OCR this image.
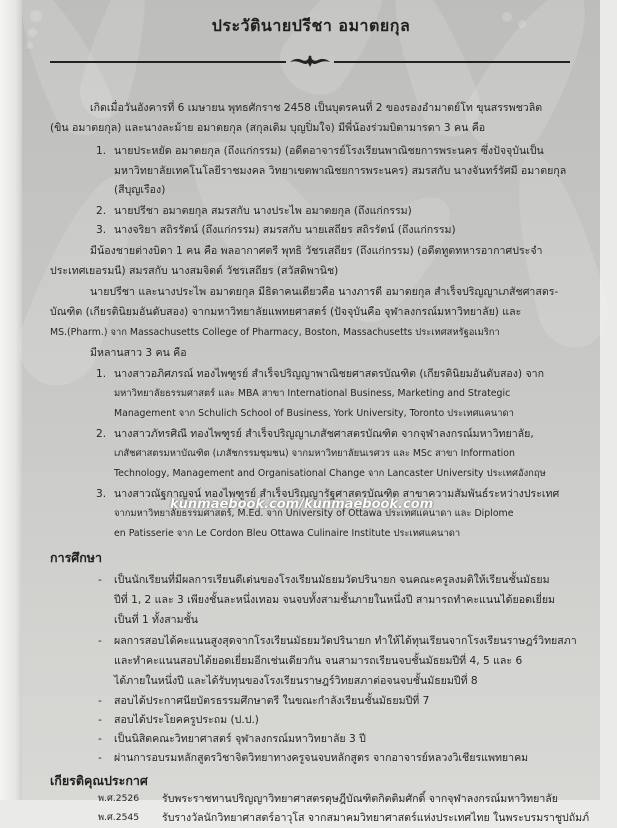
ประวัตินายปรีชา อมาตยกุล
เกิดเมื่อวันอังคารที่ 6 เมษายน พุทธศักราช 2458 เป็นบุตรคนที่ 2 ของรองอำมาตย์โท ขุนสรรพชวลิต
(ขิน อมาตยกุล) และนางละม้าย อมาตยกุล (สกุลเดิม บุญปิ่มใจ) มีพี่น้องร่วมบิดามารดา 3 คน คือ
1. นายประหยัด อมาตยกุล (ถึงแก่กรรม) (อดีตอาจารย์โรงเรียนพาณิชยการพระนคร ซึ่งปัจจุบันเป็น
มหาวิทยาลัยเทคโนโลยีราชมงคล วิทยาเขตพาณิชยการพระนคร) สมรสกับ นางจันทร์รัศมี อมาตยกุล
(สีบุญเรือง)
2. นายปรีชา อมาตยกุล สมรสกับ นางประไพ อมาตยกุล (ถึงแก่กรรม)
3. นางจริยา สถิรรัตน์ (ถึงแก่กรรม) สมรสกับ นายเสถียร สถิรรัตน์ (ถึงแก่กรรม)
มีน้องชายต่างบิดา 1 คน คือ พลอากาศตรี พุทธิ วัชรเสถียร (ถึงแก่กรรม) (อดีตทูตทหารอากาศประจำ
ประเทศเยอรมนี) สมรสกับ นางสมจิตต์ วัชรเสถียร (สวัสดิพานิช)
นายปรีชา และนางประไพ อมาตยกุล มีธิดาคนเดียวคือ นางภารดี อมาตยกุล สำเร็จปริญญาเภสัชศาสตร-
บัณฑิต (เกียรตินิยมอันดับสอง) จากมหาวิทยาลัยแพทยศาสตร์ (ปัจจุบันคือ จุฬาลงกรณ์มหาวิทยาลัย) และ
MS.(Pharm.) จาก Massachusetts College of Pharmacy, Boston, Massachusetts ประเทศสหรัฐอเมริกา
มีหลานสาว 3 คน คือ
1. นางสาวอภิศภรณ์ ทองไพฑูรย์ สำเร็จปริญญาพาณิชยศาสตรบัณฑิต (เกียรตินิยมอันดับสอง) จาก
มหาวิทยาลัยธรรมศาสตร์ และ MBA สาขา International Business, Marketing and Strategic
Management จาก Schulich School of Business, York University, Toronto ประเทศแคนาดา
2. นางสาวภัทรศิณี ทองไพฑูรย์ สำเร็จปริญญาเภสัชศาสตรบัณฑิต จากจุฬาลงกรณ์มหาวิทยาลัย,
เภสัชศาสตรมหาบัณฑิต (เภสัชกรรมชุมชน) จากมหาวิทยาลัยนเรศวร และ MSc สาขา Information
Technology, Management and Organisational Change จาก Lancaster University ประเทศอังกฤษ
3. นางสาวณัฐกาญจน์ ทองไพฑูรย์ สำเร็จปริญญารัฐศาสตรบัณฑิต สาขาความสัมพันธ์ระหว่างประเทศ
จากมหาวิทยาลัยธรรมศาสตร์, M.Ed. จาก University of Ottawa ประเทศแคนาดา และ Diplome
en Patisserie จาก Le Cordon Bleu Ottawa Culinaire Institute ประเทศแคนาดา
kunmaebook.com/kunmaebook.com
การศึกษา
- เป็นนักเรียนที่มีผลการเรียนดีเด่นของโรงเรียนมัธยมวัดปรินายก จนคณะครูลงมติให้เรียนชั้นมัธยม
ปีที่ 1, 2 และ 3 เพียงชั้นละหนึ่งเทอม จนจบทั้งสามชั้นภายในหนึ่งปี สามารถทำคะแนนได้ยอดเยี่ยม
เป็นที่ 1 ทั้งสามชั้น
- ผลการสอบได้คะแนนสูงสุดจากโรงเรียนมัธยมวัดปรินายก ทำให้ได้ทุนเรียนจากโรงเรียนราษฎร์วิทยสภา
และทำคะแนนสอบได้ยอดเยี่ยมอีกเช่นเดียวกัน จนสามารถเรียนจบชั้นมัธยมปีที่ 4, 5 และ 6
ได้ภายในหนึ่งปี และได้รับทุนของโรงเรียนราษฎร์วิทยสภาต่อจนจบชั้นมัธยมปีที่ 8
- สอบได้ประกาศนียบัตรธรรมศึกษาตรี ในขณะกำลังเรียนชั้นมัธยมปีที่ 7
- สอบได้ประโยคครูประถม (ป.ป.)
- เป็นนิสิตคณะวิทยาศาสตร์ จุฬาลงกรณ์มหาวิทยาลัย 3 ปี
- ผ่านการอบรมหลักสูตรวิชาจิตวิทยาทางครูจนจบหลักสูตร จากอาจารย์หลวงวิเชียรแพทยาคม
เกียรติคุณประกาศ
พ.ศ.2526 รับพระราชทานปริญญาวิทยาศาสตรดุษฎีบัณฑิตกิตติมศักดิ์ จากจุฬาลงกรณ์มหาวิทยาลัย
พ.ศ.2545 รับรางวัลนักวิทยาศาสตร์อาวุโส จากสมาคมวิทยาศาสตร์แห่งประเทศไทย ในพระบรมราชูปถัมภ์
